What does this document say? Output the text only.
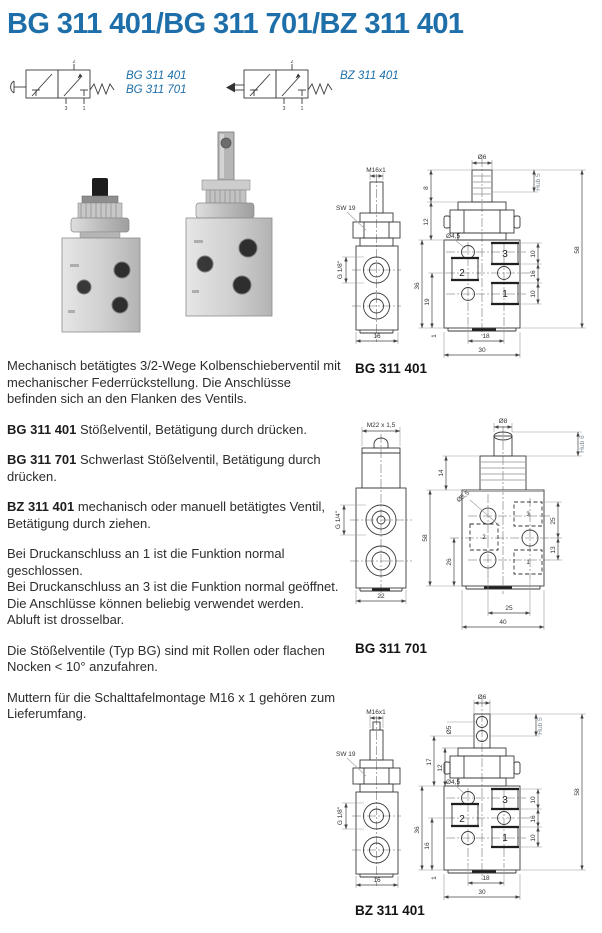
BG 311 401/BG 311 701/BZ 311 401
2
3	1
BG 311 401
BG 311 701
2
3	1
BZ 311 401

Mechanisch betätigtes 3/2-Wege Kolbenschieberventil mit mechanischer Federrückstellung. Die Anschlüsse befinden sich an den Flanken des Ventils.

BG 311 401 Stößelventil, Betätigung durch drücken.

BG 311 701 Schwerlast Stößelventil, Betätigung durch drücken.

BZ 311 401 mechanisch oder manuell betätigtes Ventil, Betätigung durch ziehen.

Bei Druckanschluss an 1 ist die Funktion normal geschlossen.
Bei Druckanschluss an 3 ist die Funktion normal geöffnet.
Die Anschlüsse können beliebig verwendet werden.
Abluft ist drosselbar.

Die Stößelventile (Typ BG) sind mit Rollen oder flachen Nocken < 10° anzufahren.

Muttern für die Schalttafelmontage M16 x 1 gehören zum Lieferumfang.

M16x1
SW 19
G 1/8"
16
3
1
2
Ø4,5
Ø6
8
12
Hub 5
58
10
16
10
36
19
1	18
30
BG 311 401
M22 x 1,5
G 1/4"
22
3
1
2
Ø5,5
Ø8
Hub 6
14
58
26
25
13
25
40
BG 311 701
M16x1
SW 19
G 1/8"
16
3
1
2
Ø4,5
Ø6
Ø5
17
12
Hub 5
58
10
16
10
36
16
1	18
30
BZ 311 401
